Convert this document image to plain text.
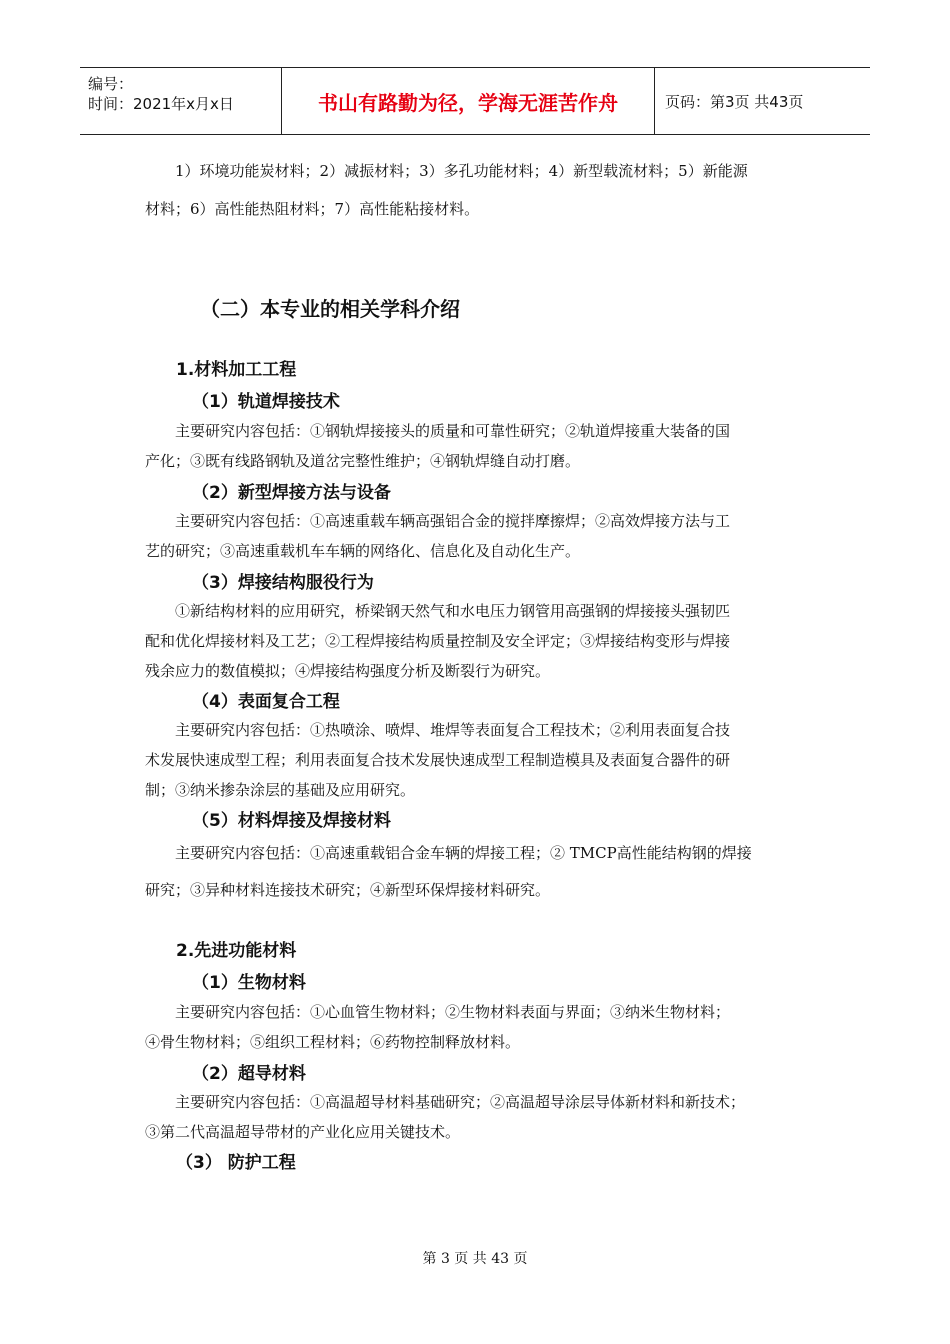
编号：
时间：2021年x月x日	书山有路勤为径，学海无涯苦作舟	页码：第3页 共43页
1）环境功能炭材料；2）减振材料；3）多孔功能材料；4）新型载流材料；5）新能源
材料；6）高性能热阻材料；7）高性能粘接材料。
（二）本专业的相关学科介绍
1.材料加工工程
（1）轨道焊接技术
主要研究内容包括：①钢轨焊接接头的质量和可靠性研究；②轨道焊接重大装备的国
产化；③既有线路钢轨及道岔完整性维护；④钢轨焊缝自动打磨。
（2）新型焊接方法与设备
主要研究内容包括：①高速重载车辆高强铝合金的搅拌摩擦焊；②高效焊接方法与工
艺的研究；③高速重载机车车辆的网络化、信息化及自动化生产。
（3）焊接结构服役行为
①新结构材料的应用研究，桥梁钢天然气和水电压力钢管用高强钢的焊接接头强韧匹
配和优化焊接材料及工艺；②工程焊接结构质量控制及安全评定；③焊接结构变形与焊接
残余应力的数值模拟；④焊接结构强度分析及断裂行为研究。
（4）表面复合工程
主要研究内容包括：①热喷涂、喷焊、堆焊等表面复合工程技术；②利用表面复合技
术发展快速成型工程；利用表面复合技术发展快速成型工程制造模具及表面复合器件的研
制；③纳米掺杂涂层的基础及应用研究。
（5）材料焊接及焊接材料
主要研究内容包括：①高速重载铝合金车辆的焊接工程；② TMCP高性能结构钢的焊接
研究；③异种材料连接技术研究；④新型环保焊接材料研究。
2.先进功能材料
（1）生物材料
主要研究内容包括：①心血管生物材料；②生物材料表面与界面；③纳米生物材料；
④骨生物材料；⑤组织工程材料；⑥药物控制释放材料。
（2）超导材料
主要研究内容包括：①高温超导材料基础研究；②高温超导涂层导体新材料和新技术；
③第二代高温超导带材的产业化应用关键技术。
（3） 防护工程
第 3 页 共 43 页
